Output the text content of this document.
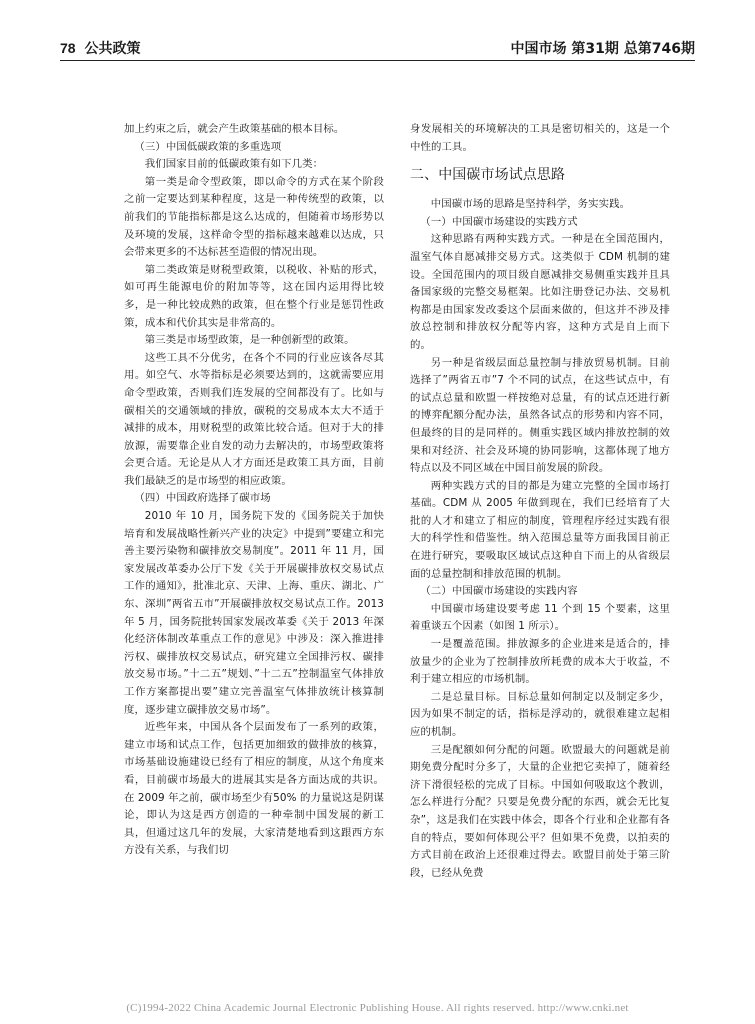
78 公共政策	中国市场 第31期 总第746期

加上约束之后，就会产生政策基础的根本目标。

（三）中国低碳政策的多重选项

我们国家目前的低碳政策有如下几类：

第一类是命令型政策，即以命令的方式在某个阶段之前一定要达到某种程度，这是一种传统型的政策，以前我们的节能指标都是这么达成的，但随着市场形势以及环境的发展，这样命令型的指标越来越难以达成，只会带来更多的不达标甚至造假的情况出现。

第二类政策是财税型政策，以税收、补贴的形式，如可再生能源电价的附加等等，这在国内运用得比较多，是一种比较成熟的政策，但在整个行业是惩罚性政策，成本和代价其实是非常高的。

第三类是市场型政策，是一种创新型的政策。

这些工具不分优劣，在各个不同的行业应该各尽其用。如空气、水等指标是必须要达到的，这就需要应用命令型政策，否则我们连发展的空间都没有了。比如与碳相关的交通领域的排放，碳税的交易成本太大不适于减排的成本，用财税型的政策比较合适。但对于大的排放源，需要靠企业自发的动力去解决的，市场型政策将会更合适。无论是从人才方面还是政策工具方面，目前我们最缺乏的是市场型的相应政策。

（四）中国政府选择了碳市场

2010 年 10 月，国务院下发的《国务院关于加快培育和发展战略性新兴产业的决定》中提到”要建立和完善主要污染物和碳排放交易制度”。2011 年 11 月，国家发展改革委办公厅下发《关于开展碳排放权交易试点工作的通知》，批准北京、天津、上海、重庆、湖北、广东、深圳”两省五市”开展碳排放权交易试点工作。2013 年 5 月，国务院批转国家发展改革委《关于 2013 年深化经济体制改革重点工作的意见》中涉及：深入推进排污权、碳排放权交易试点，研究建立全国排污权、碳排放交易市场。”十二五”规划、”十二五”控制温室气体排放工作方案都提出要”建立完善温室气体排放统计核算制度，逐步建立碳排放交易市场”。

近些年来，中国从各个层面发布了一系列的政策，建立市场和试点工作，包括更加细致的做排放的核算，市场基础设施建设已经有了相应的制度，从这个角度来看，目前碳市场最大的进展其实是各方面达成的共识。在 2009 年之前，碳市场至少有50% 的力量说这是阴谋论，即认为这是西方创造的一种牵制中国发展的新工具，但通过这几年的发展，大家清楚地看到这跟西方东方没有关系，与我们切

身发展相关的环境解决的工具是密切相关的，这是一个中性的工具。

二、中国碳市场试点思路

中国碳市场的思路是坚持科学，务实实践。

（一）中国碳市场建设的实践方式

这种思路有两种实践方式。一种是在全国范围内，温室气体自愿减排交易方式。这类似于 CDM 机制的建设。全国范围内的项目级自愿减排交易侧重实践并且具备国家级的完整交易框架。比如注册登记办法、交易机构都是由国家发改委这个层面来做的，但这并不涉及排放总控制和排放权分配等内容，这种方式是自上而下的。

另一种是省级层面总量控制与排放贸易机制。目前选择了”两省五市”7 个不同的试点，在这些试点中，有的试点总量和欧盟一样按绝对总量，有的试点还进行新的博弈配额分配办法，虽然各试点的形势和内容不同，但最终的目的是同样的。侧重实践区域内排放控制的效果和对经济、社会及环境的协同影响，这都体现了地方特点以及不同区域在中国目前发展的阶段。

两种实践方式的目的都是为建立完整的全国市场打基础。CDM 从 2005 年做到现在，我们已经培育了大批的人才和建立了相应的制度，管理程序经过实践有很大的科学性和借鉴性。纳入范围总量等方面我国目前正在进行研究，要吸取区域试点这种自下而上的从省级层面的总量控制和排放范围的机制。

（二）中国碳市场建设的实践内容

中国碳市场建设要考虑 11 个到 15 个要素，这里着重谈五个因素（如图 1 所示）。

一是覆盖范围。排放源多的企业进来是适合的，排放量少的企业为了控制排放所耗费的成本大于收益，不利于建立相应的市场机制。

二是总量目标。目标总量如何制定以及制定多少，因为如果不制定的话，指标是浮动的，就很难建立起相应的机制。

三是配额如何分配的问题。欧盟最大的问题就是前期免费分配时分多了，大量的企业把它卖掉了，随着经济下滑很轻松的完成了目标。中国如何吸取这个教训，怎么样进行分配？只要是免费分配的东西，就会无比复杂”，这是我们在实践中体会，即各个行业和企业都有各自的特点，要如何体现公平？但如果不免费，以拍卖的方式目前在政治上还很难过得去。欧盟目前处于第三阶段，已经从免费

(C)1994-2022 China Academic Journal Electronic Publishing House. All rights reserved. http://www.cnki.net
